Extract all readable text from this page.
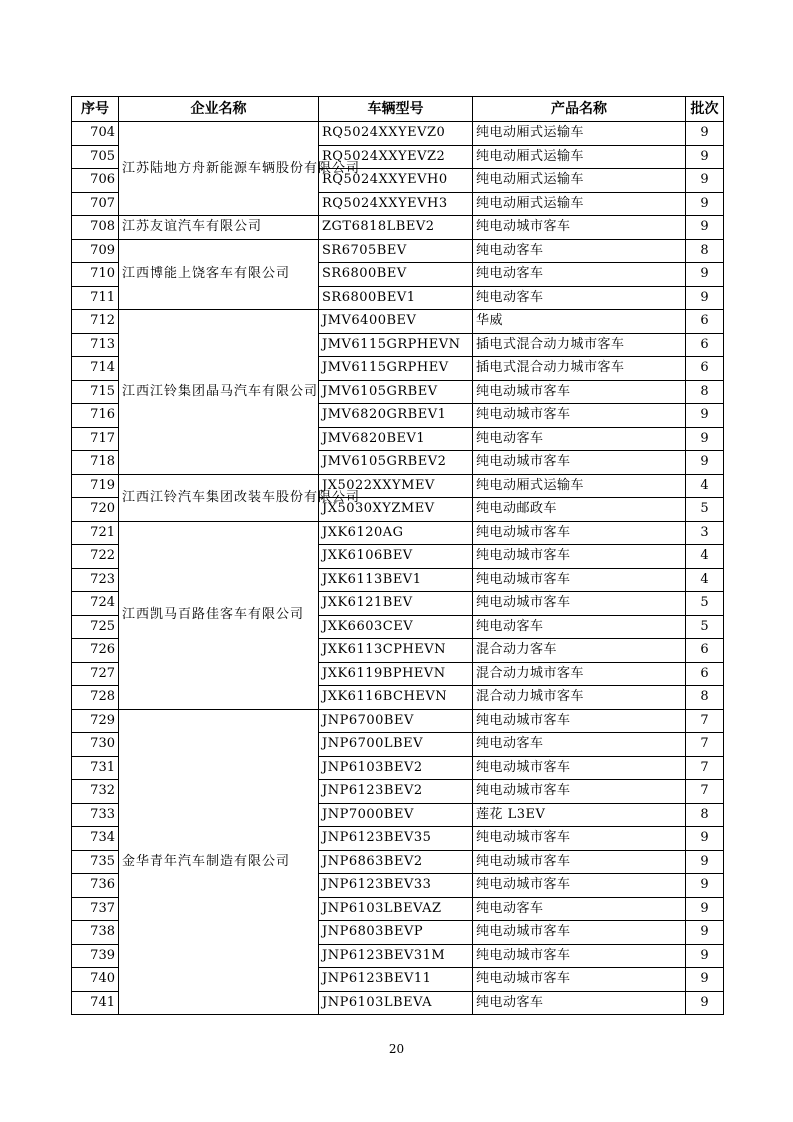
序号	企业名称	车辆型号	产品名称	批次
704	江苏陆地方舟新能源车辆股份有限公司	RQ5024XXYEVZ0	纯电动厢式运输车	9
705		RQ5024XXYEVZ2	纯电动厢式运输车	9
706		RQ5024XXYEVH0	纯电动厢式运输车	9
707		RQ5024XXYEVH3	纯电动厢式运输车	9
708	江苏友谊汽车有限公司	ZGT6818LBEV2	纯电动城市客车	9
709	江西博能上饶客车有限公司	SR6705BEV	纯电动客车	8
710		SR6800BEV	纯电动客车	9
711		SR6800BEV1	纯电动客车	9
712	江西江铃集团晶马汽车有限公司	JMV6400BEV	华威	6
713		JMV6115GRPHEVN	插电式混合动力城市客车	6
714		JMV6115GRPHEV	插电式混合动力城市客车	6
715		JMV6105GRBEV	纯电动城市客车	8
716		JMV6820GRBEV1	纯电动城市客车	9
717		JMV6820BEV1	纯电动客车	9
718		JMV6105GRBEV2	纯电动城市客车	9
719	江西江铃汽车集团改装车股份有限公司	JX5022XXYMEV	纯电动厢式运输车	4
720		JX5030XYZMEV	纯电动邮政车	5
721	江西凯马百路佳客车有限公司	JXK6120AG	纯电动城市客车	3
722		JXK6106BEV	纯电动城市客车	4
723		JXK6113BEV1	纯电动城市客车	4
724		JXK6121BEV	纯电动城市客车	5
725		JXK6603CEV	纯电动客车	5
726		JXK6113CPHEVN	混合动力客车	6
727		JXK6119BPHEVN	混合动力城市客车	6
728		JXK6116BCHEVN	混合动力城市客车	8
729	金华青年汽车制造有限公司	JNP6700BEV	纯电动城市客车	7
730		JNP6700LBEV	纯电动客车	7
731		JNP6103BEV2	纯电动城市客车	7
732		JNP6123BEV2	纯电动城市客车	7
733		JNP7000BEV	莲花 L3EV	8
734		JNP6123BEV35	纯电动城市客车	9
735		JNP6863BEV2	纯电动城市客车	9
736		JNP6123BEV33	纯电动城市客车	9
737		JNP6103LBEVAZ	纯电动客车	9
738		JNP6803BEVP	纯电动城市客车	9
739		JNP6123BEV31M	纯电动城市客车	9
740		JNP6123BEV11	纯电动城市客车	9
741		JNP6103LBEVA	纯电动客车	9
20
